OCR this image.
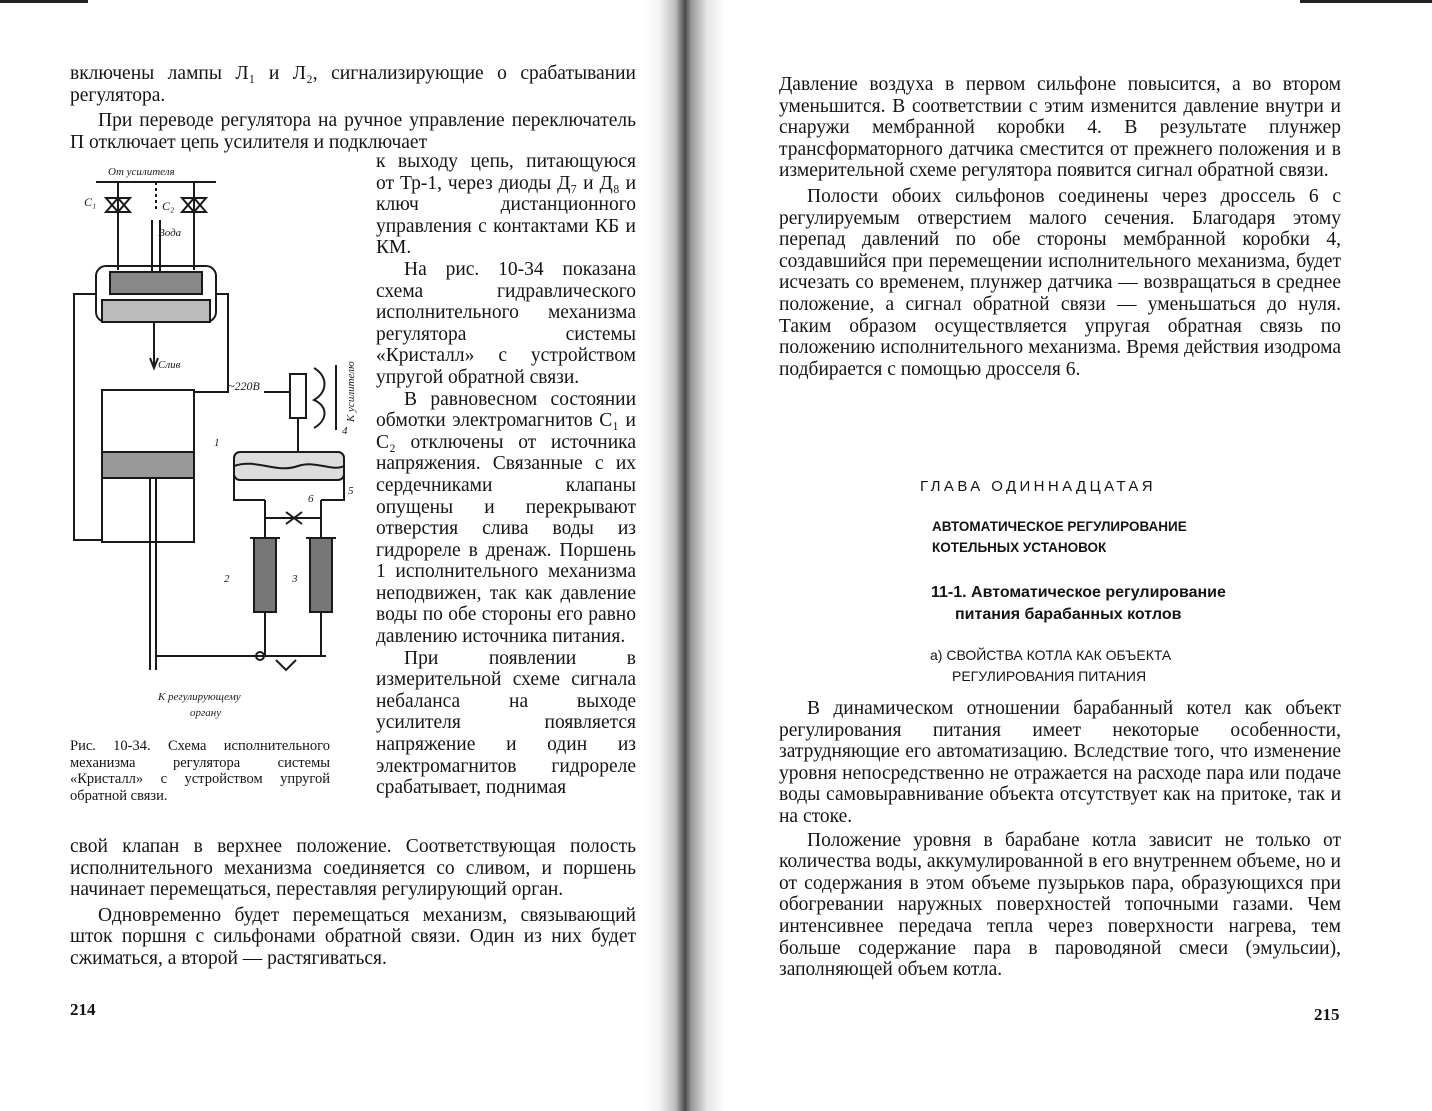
включены лампы Л₁ и Л₂, сигнализирующие о срабатывании регулятора.

При переводе регулятора на ручное управление переключатель П отключает цепь усилителя и подключает

к выходу цепь, питающуюся от Тр-1, через диоды Д₇ и Д₈ и ключ дистанционного управления с контактами КБ и КМ.

На рис. 10-34 показана схема гидравлического исполнительного механизма регулятора системы «Кристалл» с устройством упругой обратной связи.

В равновесном состоянии обмотки электромагнитов С₁ и С₂ отключены от источника напряжения. Связанные с их сердечниками клапаны опущены и перекрывают отверстия слива воды из гидрореле в дренаж. Поршень 1 исполнительного механизма неподвижен, так как давление воды по обе стороны его равно давлению источника питания.

При появлении в измерительной схеме сигнала небаланса на выходе усилителя появляется напряжение и один из электромагнитов гидрореле срабатывает, поднимая

свой клапан в верхнее положение. Соответствующая полость исполнительного механизма соединяется со сливом, и поршень начинает перемещаться, переставляя регулирующий орган.

Одновременно будет перемещаться механизм, связывающий шток поршня с сильфонами обратной связи. Один из них будет сжиматься, а второй — растягиваться.

214
От усилителя
C₁	C₂
Вода
Слив
~220В	К усилителю
1
2	3
4
5
6
К регулирующему
органу
Рис. 10-34. Схема исполнительного механизма регулятора системы «Кристалл» с устройством упругой обратной связи.

Давление воздуха в первом сильфоне повысится, а во втором уменьшится. В соответствии с этим изменится давление внутри и снаружи мембранной коробки 4. В результате плунжер трансформаторного датчика сместится от прежнего положения и в измерительной схеме регулятора появится сигнал обратной связи.

Полости обоих сильфонов соединены через дроссель 6 с регулируемым отверстием малого сечения. Благодаря этому перепад давлений по обе стороны мембранной коробки 4, создавшийся при перемещении исполнительного механизма, будет исчезать со временем, плунжер датчика — возвращаться в среднее положение, а сигнал обратной связи — уменьшаться до нуля. Таким образом осуществляется упругая обратная связь по положению исполнительного механизма. Время действия изодрома подбирается с помощью дросселя 6.

ГЛАВА ОДИННАДЦАТАЯ
АВТОМАТИЧЕСКОЕ РЕГУЛИРОВАНИЕ
КОТЕЛЬНЫХ УСТАНОВОК
11-1. Автоматическое регулирование
питания барабанных котлов
а) СВОЙСТВА КОТЛА КАК ОБЪЕКТА
РЕГУЛИРОВАНИЯ ПИТАНИЯ

В динамическом отношении барабанный котел как объект регулирования питания имеет некоторые особенности, затрудняющие его автоматизацию. Вследствие того, что изменение уровня непосредственно не отражается на расходе пара или подаче воды самовыравнивание объекта отсутствует как на притоке, так и на стоке.

Положение уровня в барабане котла зависит не только от количества воды, аккумулированной в его внутреннем объеме, но и от содержания в этом объеме пузырьков пара, образующихся при обогревании наружных поверхностей топочными газами. Чем интенсивнее передача тепла через поверхности нагрева, тем больше содержание пара в пароводяной смеси (эмульсии), заполняющей объем котла.

215
